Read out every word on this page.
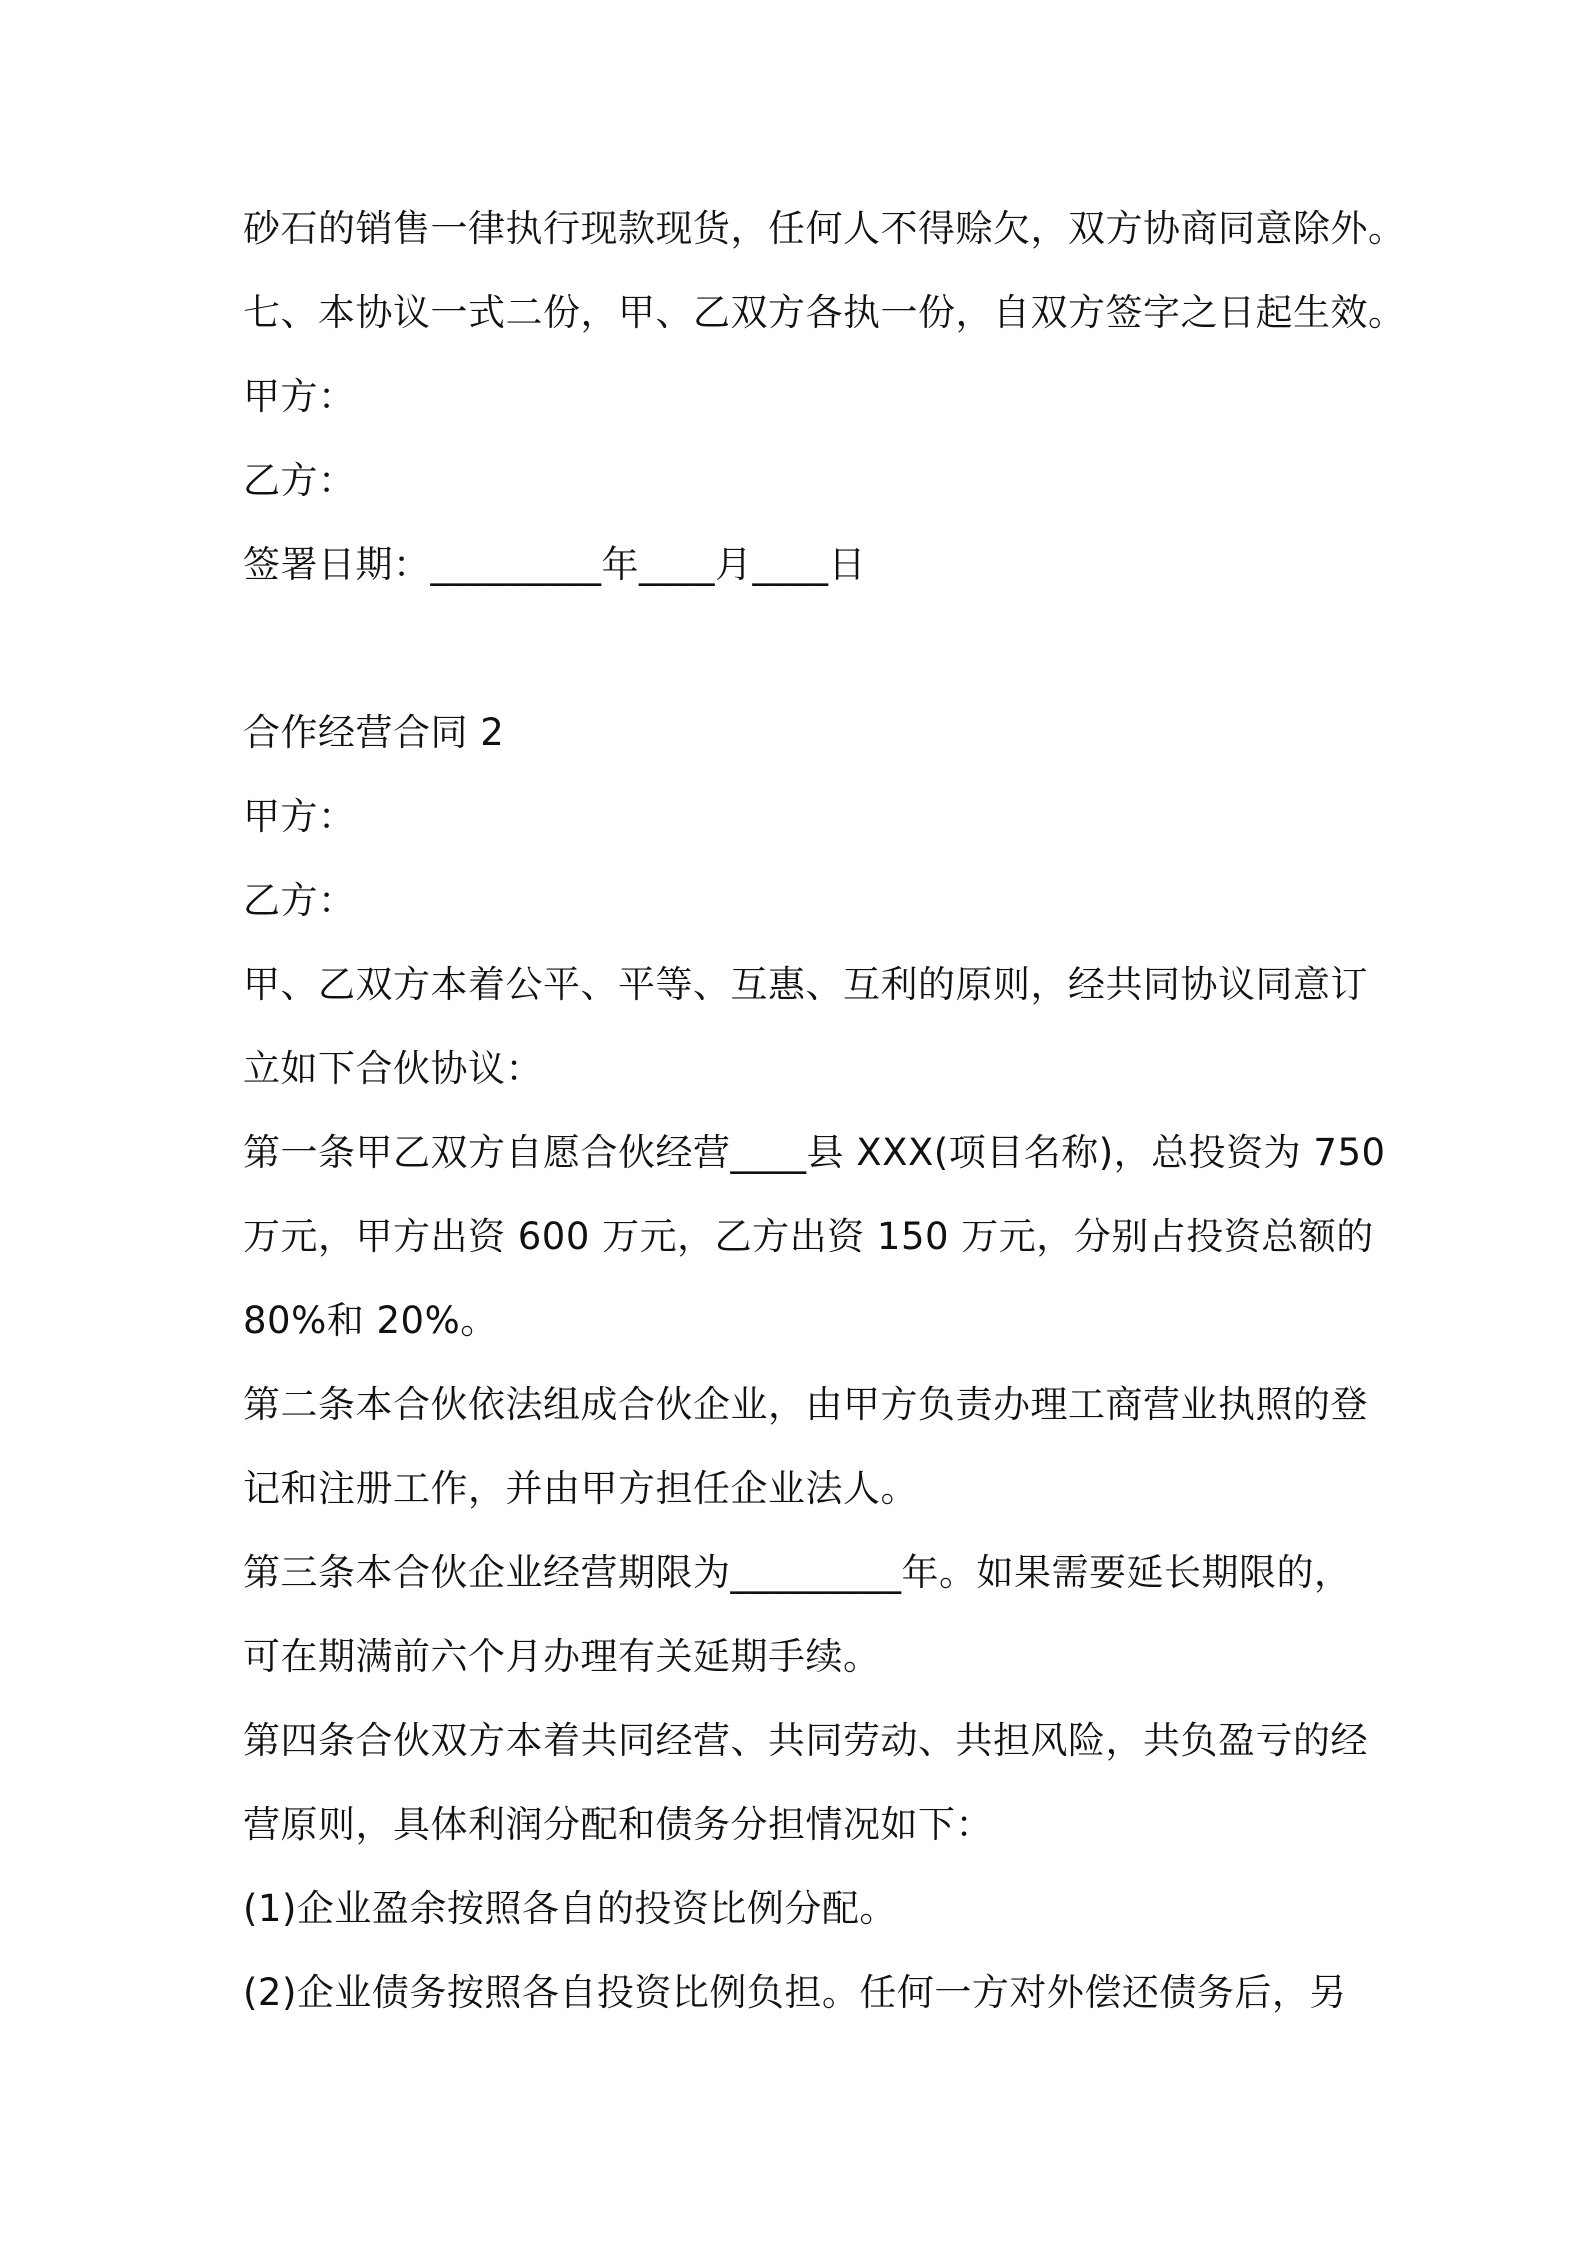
砂石的销售一律执行现款现货，任何人不得赊欠，双方协商同意除外。
七、本协议一式二份，甲、乙双方各执一份，自双方签字之日起生效。
甲方：
乙方：
签署日期：_________年____月____日
合作经营合同 2
甲方：
乙方：
甲、乙双方本着公平、平等、互惠、互利的原则，经共同协议同意订
立如下合伙协议：
第一条甲乙双方自愿合伙经营____县 XXX(项目名称)，总投资为 750
万元，甲方出资 600 万元，乙方出资 150 万元，分别占投资总额的
80%和 20%。
第二条本合伙依法组成合伙企业，由甲方负责办理工商营业执照的登
记和注册工作，并由甲方担任企业法人。
第三条本合伙企业经营期限为_________年。如果需要延长期限的，
可在期满前六个月办理有关延期手续。
第四条合伙双方本着共同经营、共同劳动、共担风险，共负盈亏的经
营原则，具体利润分配和债务分担情况如下：
(1)企业盈余按照各自的投资比例分配。
(2)企业债务按照各自投资比例负担。任何一方对外偿还债务后，另
